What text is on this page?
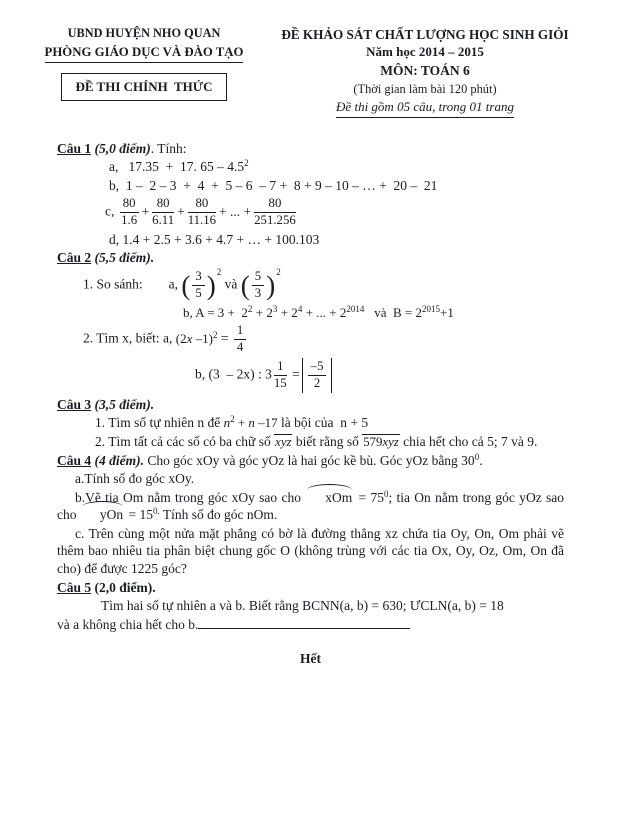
UBND HUYỆN NHO QUAN
PHÒNG GIÁO DỤC VÀ ĐÀO TẠO
ĐỀ THI CHÍNH  THỨC
ĐỀ KHẢO SÁT CHẤT LƯỢNG HỌC SINH GIỎI
Năm học 2014 – 2015
MÔN: TOÁN 6
(Thời gian làm bài 120 phút)
Đề thi gồm 05 câu, trong 01 trang
Câu 1 (5,0 điểm). Tính:
a,   17.35  +  17. $65 - 4.5^2$
b,  1 –  2 – 3  +  4  +  5 – 6  – 7 +  8 + 9 – 10 – … +  20 –  21
c, $\frac{80}{1.6} + \frac{80}{6.11} + \frac{80}{11.16}$ + ... + $\frac{80}{251.256}$
d, 1.4 + 2.5 + 3.6 + 4.7 + … + 100.103
Câu 2 (5,5 điểm).
1. So sánh: a, ( $\frac{3}{5} )^2$ và ( $\frac{5}{3} )^2$
b, $A = 3 + 2^2 + 2^3 + 2^4$ + ... + $2^{2014}$   và  $B = 2^{2015}+1$
2. Tìm x, biết: a, (2x $-1)^2 = \frac{1}{4}$
b, (3  – 2x) : $3 \frac{1}{15} = \frac{-5}{2}$
Câu 3 (3,5 điểm).
1. Tìm số tự nhiên n để $n^2 + n$ –17 là bội của  n + 5
2. Tìm tất cả các số có ba chữ số xyz biết rằng số 579xyz chia hết cho cả 5; 7 và 9.
Câu 4 (4 điểm). Cho góc xOy và góc yOz là hai góc kề bù. Góc yOz bằng $30^0$.
a.Tính số đo góc xOy.
b.Vẽ tia Om nằm trong góc xOy sao cho xOm = $75^0$; tia On nằm trong góc yOz sao cho yOn = $15^{0.}$ Tính số đo góc nOm.
c. Trên cùng một nửa mặt phẳng có bờ là đường thẳng xz chứa tia Oy, On, Om phải vẽ thêm bao nhiêu tia phân biệt chung gốc O (không trùng với các tia Ox, Oy, Oz, Om, On đã cho) để được 1225 góc?
Câu 5 (2,0 điểm).
Tìm hai số tự nhiên a và b. Biết rằng BCNN(a, b) = 630; ƯCLN(a, b) = 18
và a không chia hết cho b.
Hết
